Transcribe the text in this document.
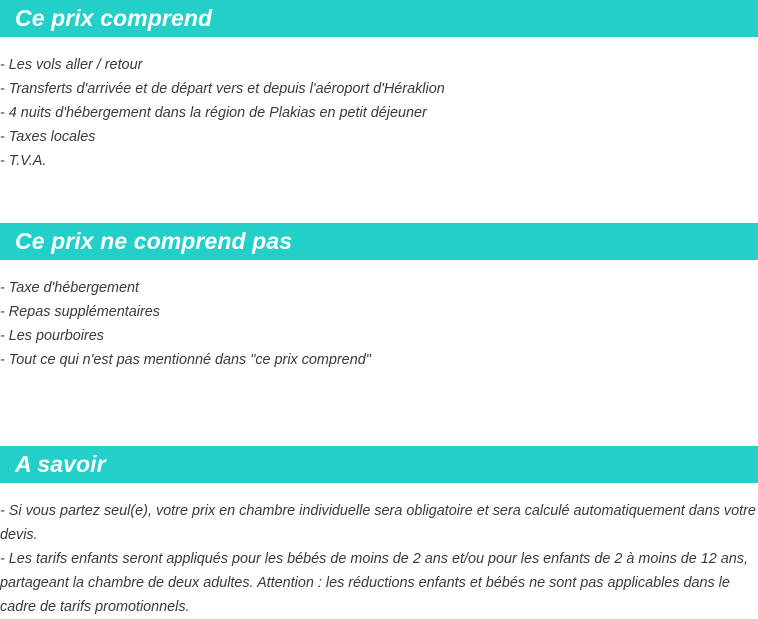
Ce prix comprend
- Les vols aller / retour
- Transferts d'arrivée et de départ vers et depuis l'aéroport d'Héraklion
- 4 nuits d'hébergement dans la région de Plakias en petit déjeuner
- Taxes locales
- T.V.A.
Ce prix ne comprend pas
- Taxe d'hébergement
- Repas supplémentaires
- Les pourboires
- Tout ce qui n'est pas mentionné dans "ce prix comprend"
A savoir

- Si vous partez seul(e), votre prix en chambre individuelle sera obligatoire et sera calculé automatiquement dans votre devis.

- Les tarifs enfants seront appliqués pour les bébés de moins de 2 ans et/ou pour les enfants de 2 à moins de 12 ans, partageant la chambre de deux adultes. Attention : les réductions enfants et bébés ne sont pas applicables dans le cadre de tarifs promotionnels.
